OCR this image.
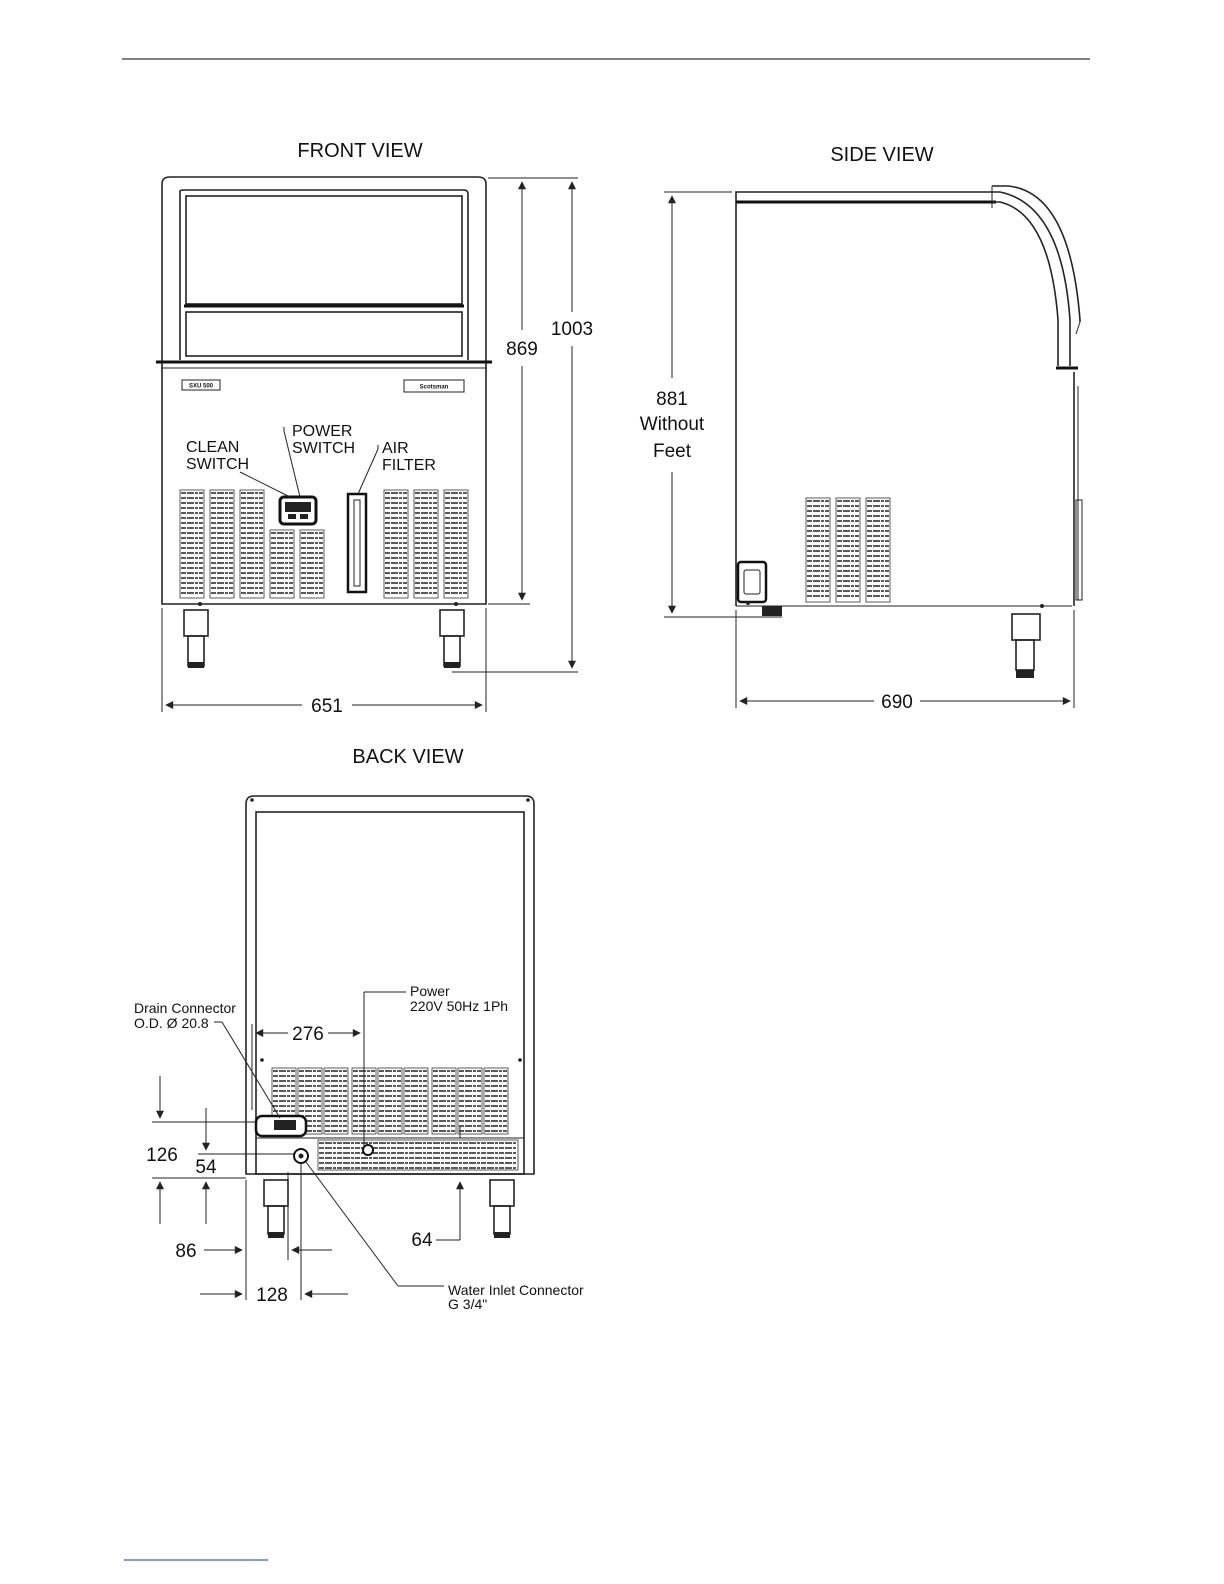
FRONT VIEW
SXU 500	Scotsman
CLEAN
SWITCH
POWER
SWITCH AIR
FILTER
869
1003
651
SIDE VIEW
881
Without
Feet
690
BACK VIEW
Drain Connector
O.D. Ø 20.8
Power
220V 50Hz 1Ph
Water Inlet Connector
G 3/4"
276
126
54
64
86
128
